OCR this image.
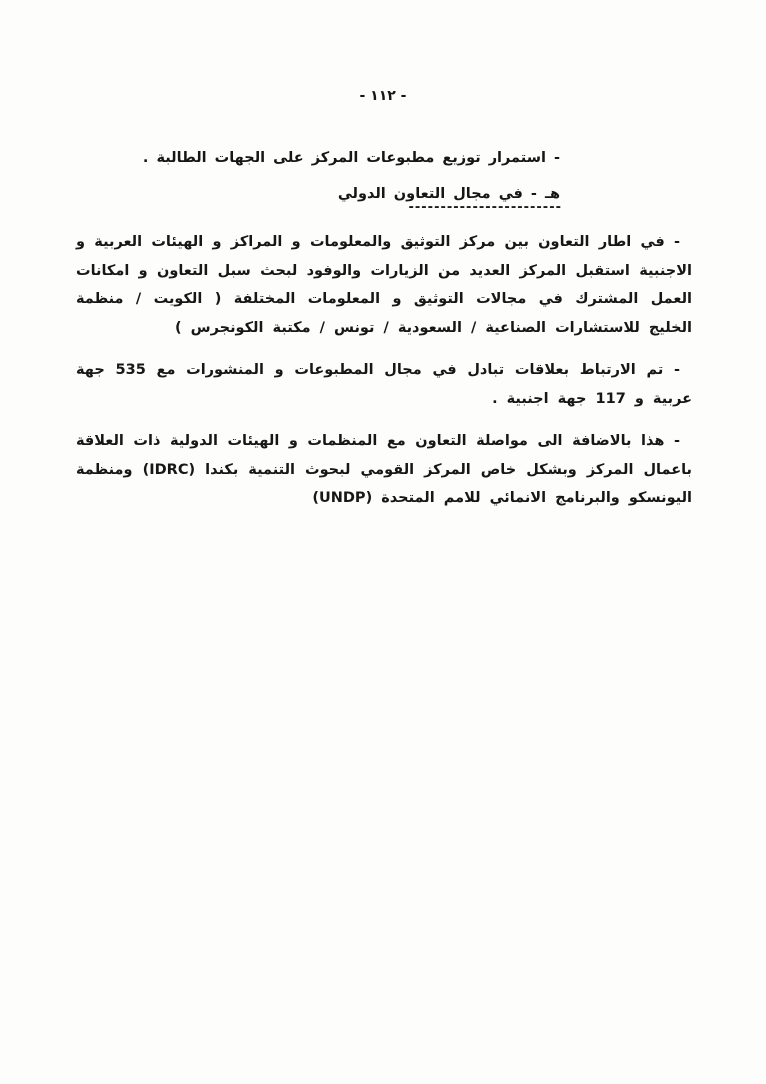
- ١١٢ -

- استمرار توزيع مطبوعات المركز على الجهات الطالبة .

هـ - في مجال التعاون الدولي
------------------------

- في اطار التعاون بين مركز التوثيق والمعلومات و المراكز و الهيئات العربية و الاجنبية استقبل المركز العديد من الزيارات والوفود لبحث سبل التعاون و امكانات العمل المشترك في مجالات التوثيق و المعلومات المختلفة ( الكويت / منظمة الخليج للاستشارات الصناعية / السعودية / تونس / مكتبة الكونجرس )

- تم الارتباط بعلاقات تبادل في مجال المطبوعات و المنشورات مع 535 جهة عربية و 117 جهة اجنبية .

- هذا بالاضافة الى مواصلة التعاون مع المنظمات و الهيئات الدولية ذات العلاقة باعمال المركز وبشكل خاص المركز القومي لبحوث التنمية بكندا (IDRC) ومنظمة اليونسكو والبرنامج الانمائي للامم المتحدة (UNDP)
